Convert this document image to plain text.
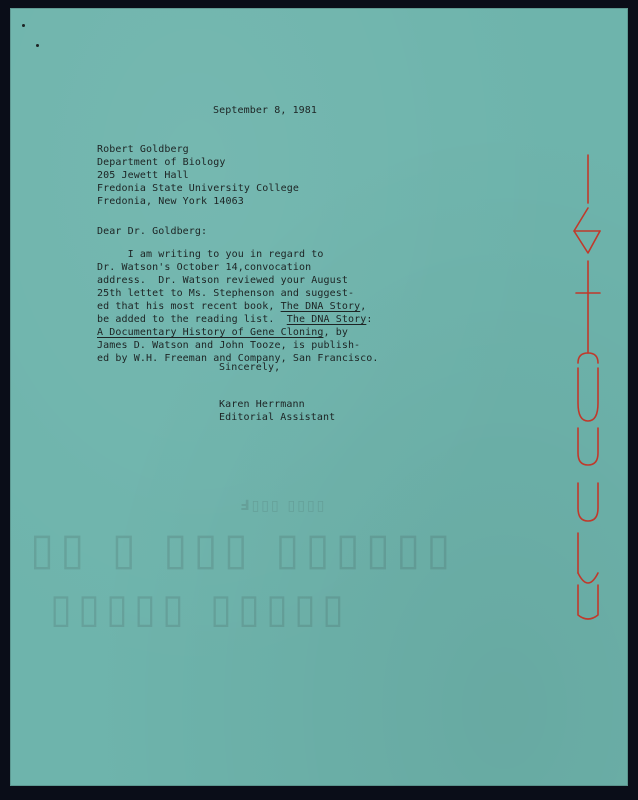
September 8, 1981
Robert Goldberg
Department of Biology
205 Jewett Hall
Fredonia State University College
Fredonia, New York 14063
Dear Dr. Goldberg:
I am writing to you in regard to
Dr. Watson's October 14,convocation
address.  Dr. Watson reviewed your August
25th lettet to Ms. Stephenson and suggest-
ed that his most recent book, The DNA Story,
be added to the reading list.  The DNA Story:
A Documentary History of Gene Cloning, by
James D. Watson and John Tooze, is publish-
ed by W.H. Freeman and Company, San Francisco.
Sincerely,
Karen Herrmann
Editorial Assistant
Ⅎ▯▯▯ ▯▯▯▯
▯▯ ▯ ▯▯▯ ▯▯▯▯▯▯
▯▯▯▯▯ ▯▯▯▯▯
